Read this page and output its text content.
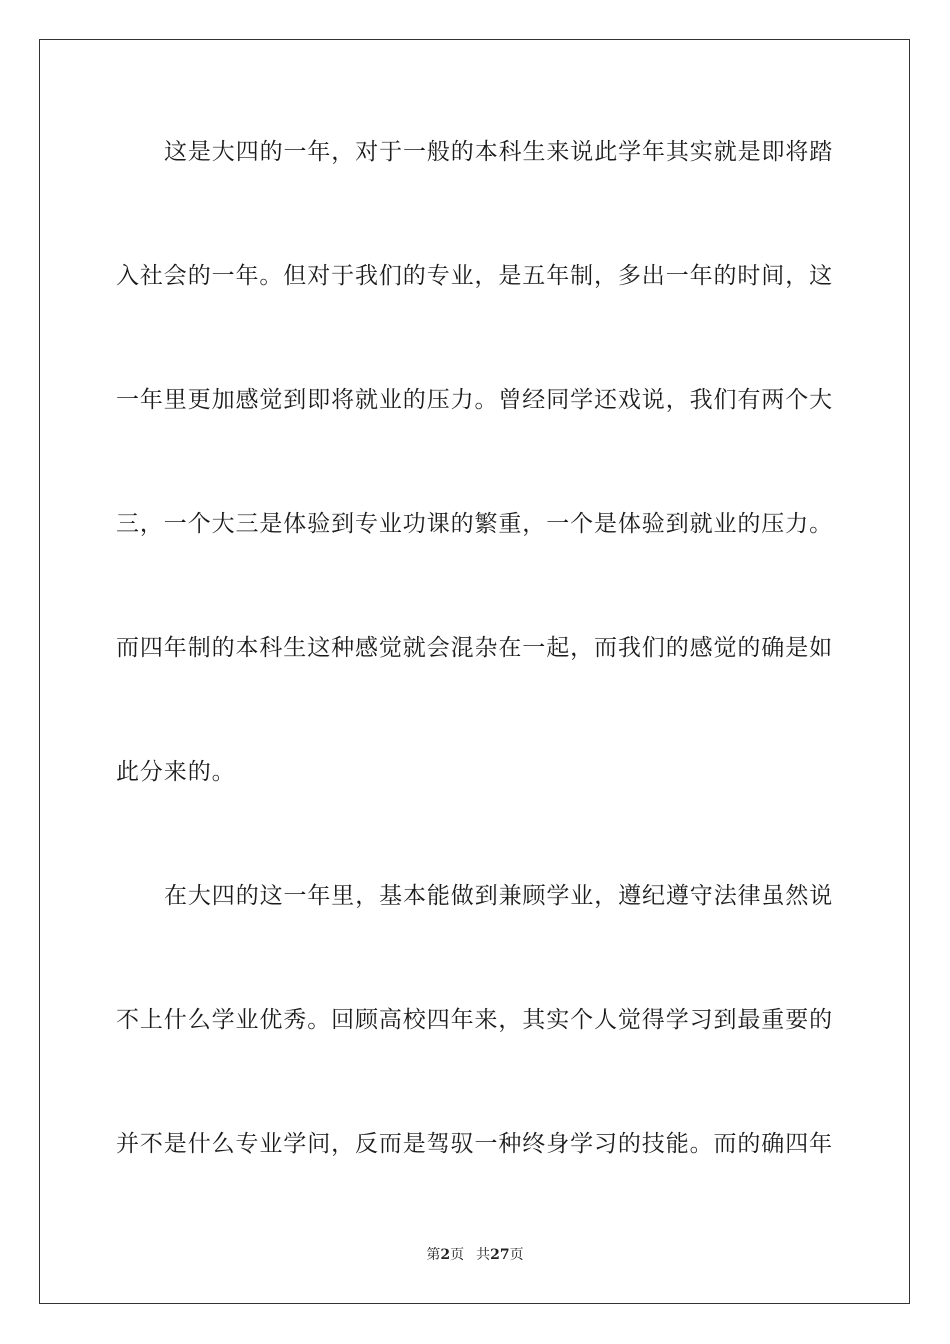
这是大四的一年，对于一般的本科生来说此学年其实就是即将踏
入社会的一年。但对于我们的专业，是五年制，多出一年的时间，这
一年里更加感觉到即将就业的压力。曾经同学还戏说，我们有两个大
三，一个大三是体验到专业功课的繁重，一个是体验到就业的压力。
而四年制的本科生这种感觉就会混杂在一起，而我们的感觉的确是如
此分来的。
在大四的这一年里，基本能做到兼顾学业，遵纪遵守法律虽然说
不上什么学业优秀。回顾高校四年来，其实个人觉得学习到最重要的
并不是什么专业学问，反而是驾驭一种终身学习的技能。而的确四年
第2页 共27页
